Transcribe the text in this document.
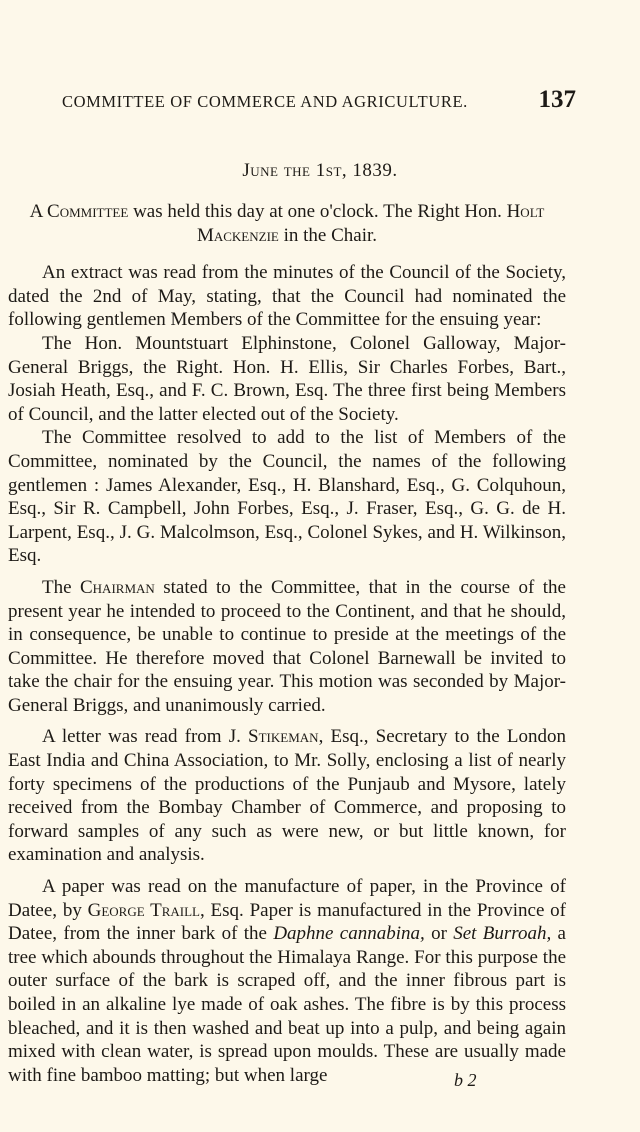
COMMITTEE OF COMMERCE AND AGRICULTURE.	137
June the 1st, 1839.

A Committee was held this day at one o'clock. The Right Hon. Holt Mackenzie in the Chair.

An extract was read from the minutes of the Council of the Society, dated the 2nd of May, stating, that the Council had nominated the following gentlemen Members of the Committee for the ensuing year:

The Hon. Mountstuart Elphinstone, Colonel Galloway, Major-General Briggs, the Right. Hon. H. Ellis, Sir Charles Forbes, Bart., Josiah Heath, Esq., and F. C. Brown, Esq. The three first being Members of Council, and the latter elected out of the Society.

The Committee resolved to add to the list of Members of the Committee, nominated by the Council, the names of the following gentlemen : James Alexander, Esq., H. Blanshard, Esq., G. Colquhoun, Esq., Sir R. Campbell, John Forbes, Esq., J. Fraser, Esq., G. G. de H. Larpent, Esq., J. G. Malcolmson, Esq., Colonel Sykes, and H. Wilkinson, Esq.

The Chairman stated to the Committee, that in the course of the present year he intended to proceed to the Continent, and that he should, in consequence, be unable to continue to preside at the meetings of the Committee. He therefore moved that Colonel Barnewall be invited to take the chair for the ensuing year. This motion was seconded by Major-General Briggs, and unanimously carried.

A letter was read from J. Stikeman, Esq., Secretary to the London East India and China Association, to Mr. Solly, enclosing a list of nearly forty specimens of the productions of the Punjaub and Mysore, lately received from the Bombay Chamber of Commerce, and proposing to forward samples of any such as were new, or but little known, for examination and analysis.

A paper was read on the manufacture of paper, in the Province of Datee, by George Traill, Esq. Paper is manufactured in the Province of Datee, from the inner bark of the Daphne cannabina, or Set Burroah, a tree which abounds throughout the Himalaya Range. For this purpose the outer surface of the bark is scraped off, and the inner fibrous part is boiled in an alkaline lye made of oak ashes. The fibre is by this process bleached, and it is then washed and beat up into a pulp, and being again mixed with clean water, is spread upon moulds. These are usually made with fine bamboo matting; but when large	b 2
